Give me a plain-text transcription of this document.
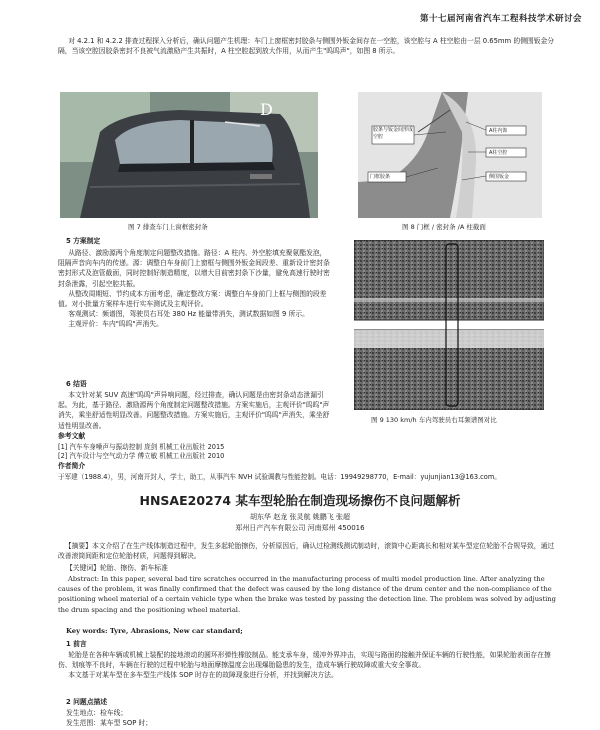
第十七届河南省汽车工程科技学术研讨会
对 4.2.1 和 4.2.2 排查过程探入分析后，确认问题产生机理：车门上窗框密封胶条与侧围外钣金间存在一空腔，该空腔与 A 柱空腔由一层 0.65mm 的侧围钣金分隔，当该空腔因胶条密封不良被气流激励产生共振时，A 柱空腔起到放大作用，从而产生"呜呜声"，如图 8 所示。
D
图 7 排查车门上窗框密封条
胶条与钣金间形成空腔
门框胶条
A柱内饰
A柱空腔
侧围钣金
图 8 门框 / 密封条 /A 柱截面
5 方案制定
从路径、激励源两个角度制定问题整改措施。路径：A 柱内、外空腔填充聚氨酯发泡，阻隔声音向车内的传递。源：调整白车身前门上窗框与侧围外钣金间段差、重新设计密封条密封形式及泡管截面，同时控制好制造精度，以增大目前密封条下沙量，避免高速行驶时密封条泄露，引起空腔共振。
从整改周期短、节约成本方面考虑，确定整改方案：调整白车身前门上框与侧围的段差值。对小批量方案样车进行实车测试及主观评价。
客观测试：频谱图，驾驶员右耳处 380 Hz 能量带消失，测试数据如图 9 所示。
主观评价：车内"呜呜"声消失。
6 结语
本文针对某 SUV 高速"呜呜"声异响问题，经过排查，确认问题是由密封条动态泄漏引起。为此，基于路径、激励源两个角度制定问题整改措施。方案实施后，主观评价"呜呜"声消失，乘坐舒适性明显改善。问题整改措施。方案实施后，主观评价"呜呜"声消失，乘坐舒适性明显改善。
参考文献
[1] 汽车车身噪声与振动控制 庞剑 机械工业出版社 2015
[2] 汽车设计与空气动力学 傅立敏 机械工业出版社 2010
图 9 130 km/h 车内驾驶员右耳频谱图对比
作者简介
于军建（1988.4），男，河南开封人，学士，助工，从事汽车 NVH 试验调教与性能控制。电话：19949298770，E-mail：yujunjian13@163.com。
HNSAE20274 某车型轮胎在制造现场擦伤不良问题解析
胡东华 赵龙 张灵航 姚鹏飞 张超
郑州日产汽车有限公司 河南郑州 450016
【摘要】本文介绍了在生产线体制造过程中，发生多起轮胎擦伤，分析原因后，确认过检测线测试制动时，滚筒中心距离长和相对某车型定位轮胎不合规导致，通过改善滚筒间距和定位轮胎材质，问题得到解决。
【关键词】轮胎、擦伤、新车标准
Abstract: In this paper, several bad tire scratches occurred in the manufacturing process of multi model production line. After analyzing the causes of the problem, it was finally confirmed that the defect was caused by the long distance of the drum center and the non-compliance of the positioning wheel material of a certain vehicle type when the brake was tested by passing the detection line. The problem was solved by adjusting the drum spacing and the positioning wheel material.
Key words: Tyre, Abrasions, New car standard;
1 前言
轮胎是在各种车辆或机械上装配的接地滚动的圆环形弹性橡胶制品。能支承车身，缓冲外界冲击，实现与路面的接触并保证车辆的行驶性能，如果轮胎表面存在擦伤、划痕等不良时，车辆在行驶的过程中轮胎与地面摩擦温度会出现爆胎隐患的发生，造成车辆行驶故障或重大安全事故。
本文基于对某车型在多车型生产线体 SOP 时存在的故障现象进行分析，并找到解决方法。
2 问题点描述
发生地点：检车线；
发生范围：某车型 SOP 时；
